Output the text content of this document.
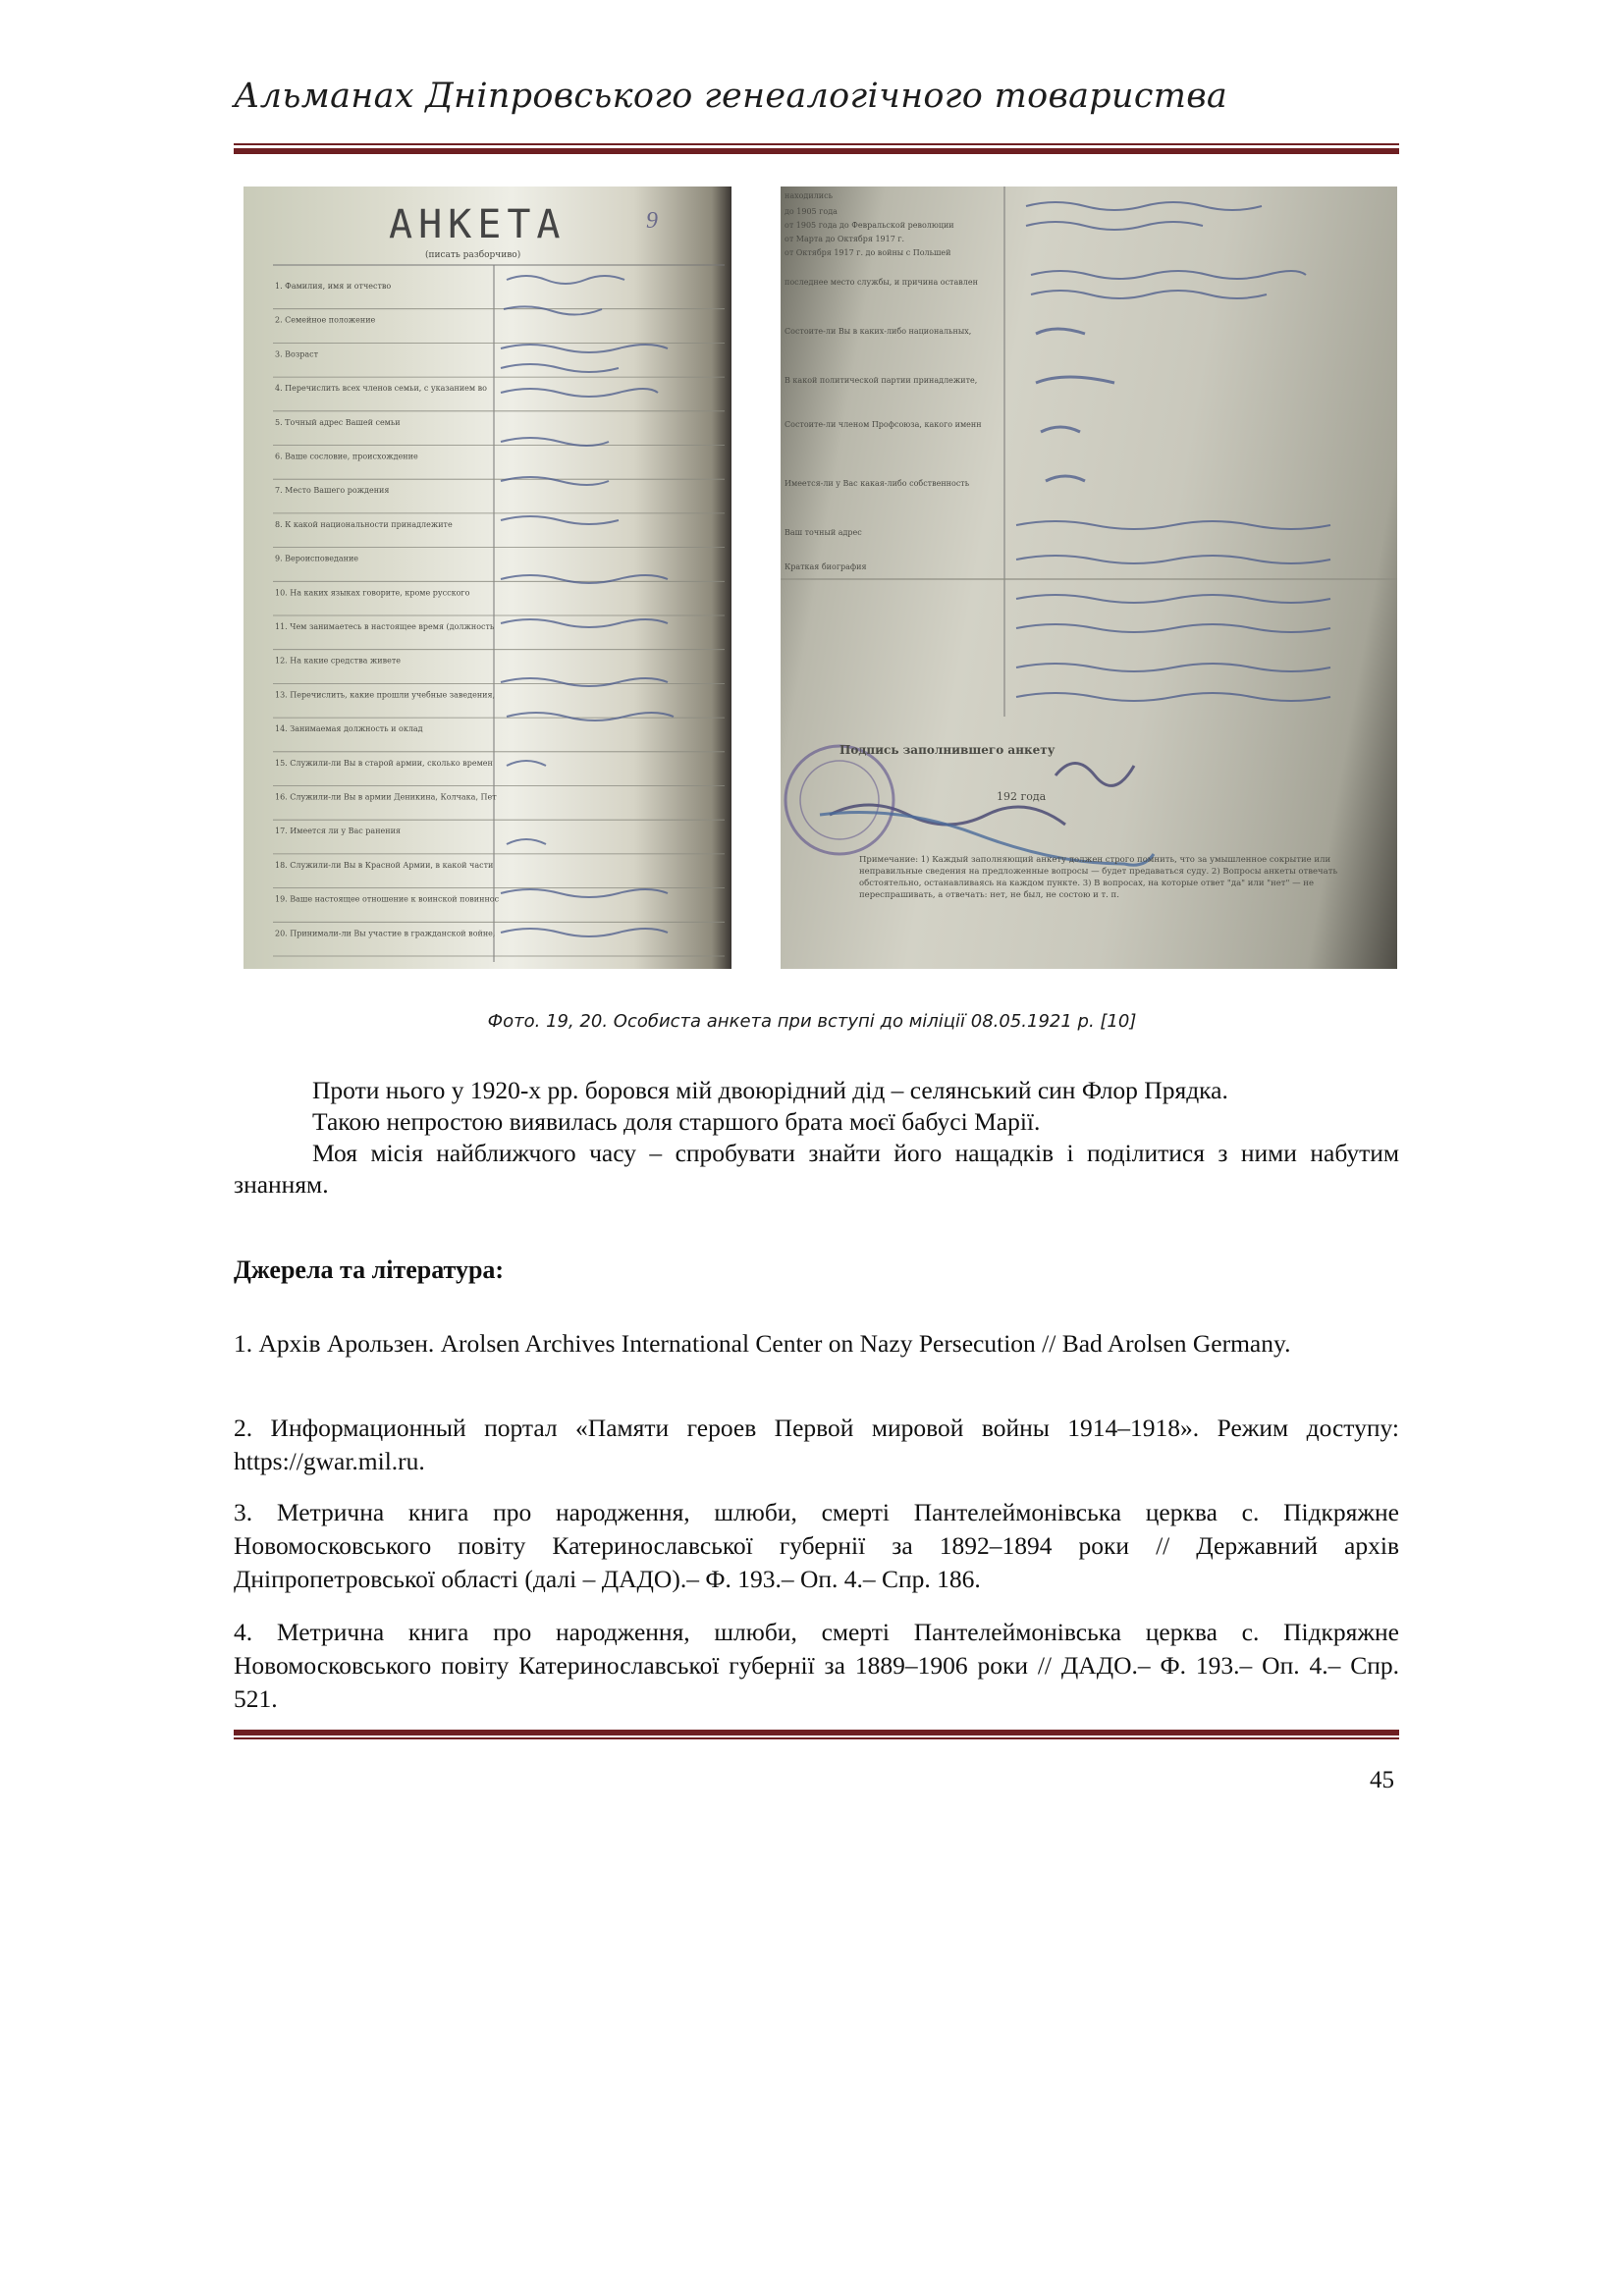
Альманах Дніпровського генеалогічного товариства
АНКЕТА
(писать разборчиво)
9
1. Фамилия, имя и отчество
2. Семейное положение
3. Возраст
4. Перечислить всех членов семьи, с указанием во
5. Точный адрес Вашей семьи
6. Ваше сословие, происхождение
7. Место Вашего рождения
8. К какой национальности принадлежите
9. Вероисповедание
10. На каких языках говорите, кроме русского
11. Чем занимаетесь в настоящее время (должность
12. На какие средства живете
13. Перечислить, какие прошли учебные заведения,
14. Занимаемая должность и оклад
15. Служили-ли Вы в старой армии, сколько времен
16. Служили-ли Вы в армии Деникина, Колчака, Пет
17. Имеется ли у Вас ранения
18. Служили-ли Вы в Красной Армии, в какой части
19. Ваше настоящее отношение к воинской повиннос
20. Принимали-ли Вы участие в гражданской войне,
находились
до 1905 года
от 1905 года до Февральской революции
от Марта до Октября 1917 г.
от Октября 1917 г. до войны с Польшей
последнее место службы, и причина оставлен
Состоите-ли Вы в каких-либо национальных,
В какой политической партии принадлежите,
Состоите-ли членом Профсоюза, какого именн
Имеется-ли у Вас какая-либо собственность
Ваш точный адрес
Краткая биография
Подпись заполнившего анкету
192 года
Примечание: 1) Каждый заполняющий анкету должен строго помнить, что за умышленное сокрытие или неправильные сведения на предложенные вопросы — будет предаваться суду. 2) Вопросы анкеты отвечать обстоятельно, останавливаясь на каждом пункте. 3) В вопросах, на которые ответ "да" или "нет" — не переспрашивать, а отвечать: нет, не был, не состою и т. п.
Фото. 19, 20. Особиста анкета при вступі до міліції 08.05.1921 р. [10]

Проти нього у 1920-х рр. боровся мій двоюрідний дід – селянський син Флор Прядка.

Такою непростою виявилась доля старшого брата моєї бабусі Марії.

Моя місія найближчого часу – спробувати знайти його нащадків і поділитися з ними набутим знанням.

Джерела та література:
1. Архів Арользен. Arolsen Archives International Center on Nazy Persecution // Bad Arolsen Germany.
2. Информационный портал «Памяти героев Первой мировой войны 1914–1918». Режим доступу: https://gwar.mil.ru.
3. Метрична книга про народження, шлюби, смерті Пантелеймонівська церква с. Підкряжне Новомосковського повіту Катеринославської губернії за 1892–1894 роки // Державний архів Дніпропетровської області (далі – ДАДО).– Ф. 193.– Оп. 4.– Спр. 186.
4. Метрична книга про народження, шлюби, смерті Пантелеймонівська церква с. Підкряжне Новомосковського повіту Катеринославської губернії за 1889–1906 роки // ДАДО.– Ф. 193.– Оп. 4.– Спр. 521.
45
